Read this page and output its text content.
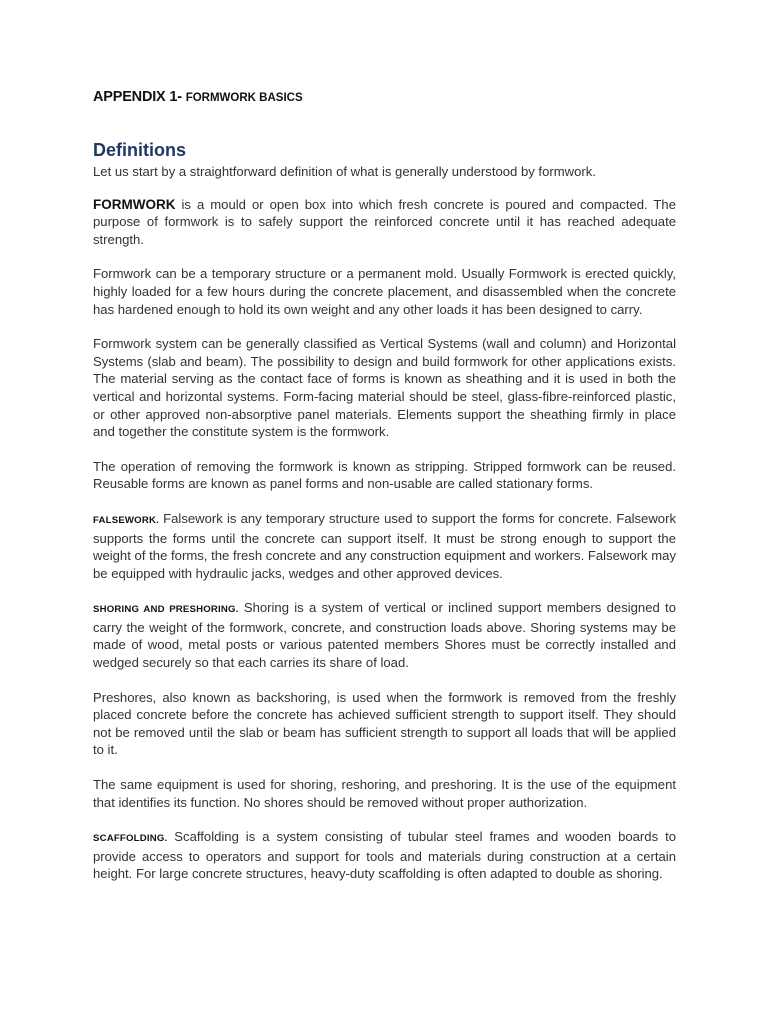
APPENDIX 1- FORMWORK BASICS
Definitions

Let us start by a straightforward definition of what is generally understood by formwork.

FORMWORK is a mould or open box into which fresh concrete is poured and compacted. The purpose of formwork is to safely support the reinforced concrete until it has reached adequate strength.

Formwork can be a temporary structure or a permanent mold. Usually Formwork is erected quickly, highly loaded for a few hours during the concrete placement, and disassembled when the concrete has hardened enough to hold its own weight and any other loads it has been designed to carry.

Formwork system can be generally classified as Vertical Systems (wall and column) and Horizontal Systems (slab and beam). The possibility to design and build formwork for other applications exists. The material serving as the contact face of forms is known as sheathing and it is used in both the vertical and horizontal systems. Form-facing material should be steel, glass-fibre-reinforced plastic, or other approved non-absorptive panel materials. Elements support the sheathing firmly in place and together the constitute system is the formwork.

The operation of removing the formwork is known as stripping. Stripped formwork can be reused. Reusable forms are known as panel forms and non-usable are called stationary forms.

FALSEWORK. Falsework is any temporary structure used to support the forms for concrete. Falsework supports the forms until the concrete can support itself. It must be strong enough to support the weight of the forms, the fresh concrete and any construction equipment and workers. Falsework may be equipped with hydraulic jacks, wedges and other approved devices.

SHORING AND PRESHORING. Shoring is a system of vertical or inclined support members designed to carry the weight of the formwork, concrete, and construction loads above. Shoring systems may be made of wood, metal posts or various patented members Shores must be correctly installed and wedged securely so that each carries its share of load.

Preshores, also known as backshoring, is used when the formwork is removed from the freshly placed concrete before the concrete has achieved sufficient strength to support itself. They should not be removed until the slab or beam has sufficient strength to support all loads that will be applied to it.

The same equipment is used for shoring, reshoring, and preshoring. It is the use of the equipment that identifies its function. No shores should be removed without proper authorization.

SCAFFOLDING. Scaffolding is a system consisting of tubular steel frames and wooden boards to provide access to operators and support for tools and materials during construction at a certain height. For large concrete structures, heavy-duty scaffolding is often adapted to double as shoring.
